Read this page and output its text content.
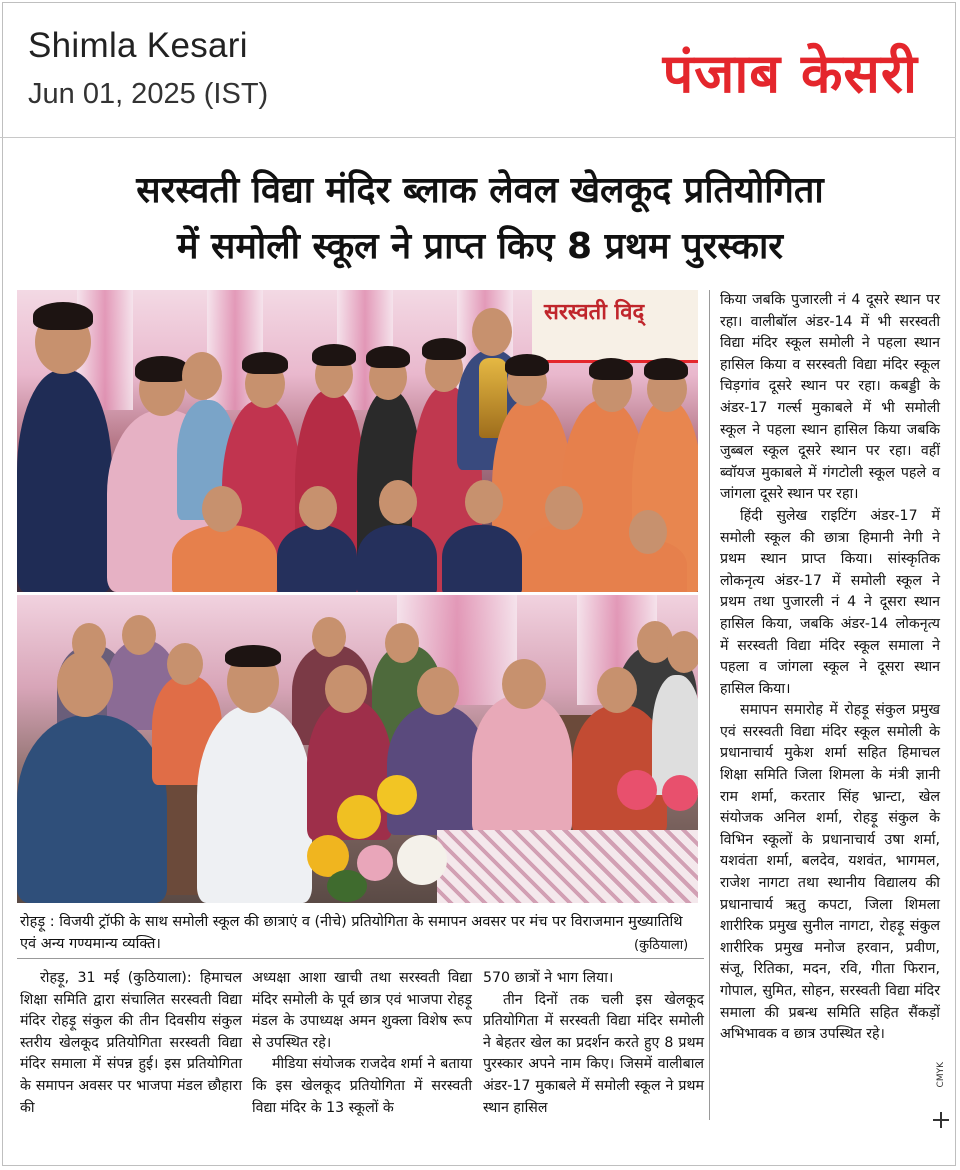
Shimla Kesari
Jun 01, 2025 (IST)	पंजाब केसरी
सरस्वती विद्या मंदिर ब्लाक लेवल खेलकूद प्रतियोगिता
में समोली स्कूल ने प्राप्त किए 8 प्रथम पुरस्कार
सरस्वती विद्
रोहड़ू : विजयी ट्रॉफी के साथ समोली स्कूल की छात्राएं व (नीचे) प्रतियोगिता के समापन अवसर पर मंच पर विराजमान मुख्यातिथि एवं अन्य गण्यमान्य व्यक्ति।	(कुठियाला)

किया जबकि पुजारली नं 4 दूसरे स्थान पर रहा। वालीबॉल अंडर-14 में भी सरस्वती विद्या मंदिर स्कूल समोली ने पहला स्थान हासिल किया व सरस्वती विद्या मंदिर स्कूल चिड़गांव दूसरे स्थान पर रहा। कबड्डी के अंडर-17 गर्ल्स मुकाबले में भी समोली स्कूल ने पहला स्थान हासिल किया जबकि जुब्बल स्कूल दूसरे स्थान पर रहा। वहीं ब्वॉयज मुकाबले में गंगटोली स्कूल पहले व जांगला दूसरे स्थान पर रहा।

हिंदी सुलेख राइटिंग अंडर-17 में समोली स्कूल की छात्रा हिमानी नेगी ने प्रथम स्थान प्राप्त किया। सांस्कृतिक लोकनृत्य अंडर-17 में समोली स्कूल ने प्रथम तथा पुजारली नं 4 ने दूसरा स्थान हासिल किया, जबकि अंडर-14 लोकनृत्य में सरस्वती विद्या मंदिर स्कूल समाला ने पहला व जांगला स्कूल ने दूसरा स्थान हासिल किया।

समापन समारोह में रोहड़ू संकुल प्रमुख एवं सरस्वती विद्या मंदिर स्कूल समोली के प्रधानाचार्य मुकेश शर्मा सहित हिमाचल शिक्षा समिति जिला शिमला के मंत्री ज्ञानी राम शर्मा, करतार सिंह भ्रान्टा, खेल संयोजक अनिल शर्मा, रोहड़ू संकुल के विभिन स्कूलों के प्रधानाचार्य उषा शर्मा, यशवंता शर्मा, बलदेव, यशवंत, भागमल, राजेश नागटा तथा स्थानीय विद्यालय की प्रधानाचार्य ऋतु कपटा, जिला शिमला शारीरिक प्रमुख सुनील नागटा, रोहड़ू संकुल शारीरिक प्रमुख मनोज हरवान, प्रवीण, संजू, रितिका, मदन, रवि, गीता फिरान, गोपाल, सुमित, सोहन, सरस्वती विद्या मंदिर समाला की प्रबन्ध समिति सहित सैंकड़ों अभिभावक व छात्र उपस्थित रहे।

रोहड़ू, 31 मई (कुठियाला): हिमाचल शिक्षा समिति द्वारा संचालित सरस्वती विद्या मंदिर रोहड़ू संकुल की तीन दिवसीय संकुल स्तरीय खेलकूद प्रतियोगिता सरस्वती विद्या मंदिर समाला में संपन्न हुई। इस प्रतियोगिता के समापन अवसर पर भाजपा मंडल छौहारा की

अध्यक्षा आशा खाची तथा सरस्वती विद्या मंदिर समोली के पूर्व छात्र एवं भाजपा रोहड़ू मंडल के उपाध्यक्ष अमन शुक्ला विशेष रूप से उपस्थित रहे।

मीडिया संयोजक राजदेव शर्मा ने बताया कि इस खेलकूद प्रतियोगिता में सरस्वती विद्या मंदिर के 13 स्कूलों के

570 छात्रों ने भाग लिया।

तीन दिनों तक चली इस खेलकूद प्रतियोगिता में सरस्वती विद्या मंदिर समोली ने बेहतर खेल का प्रदर्शन करते हुए 8 प्रथम पुरस्कार अपने नाम किए। जिसमें वालीबाल अंडर-17 मुकाबले में समोली स्कूल ने प्रथम स्थान हासिल

CMYK
